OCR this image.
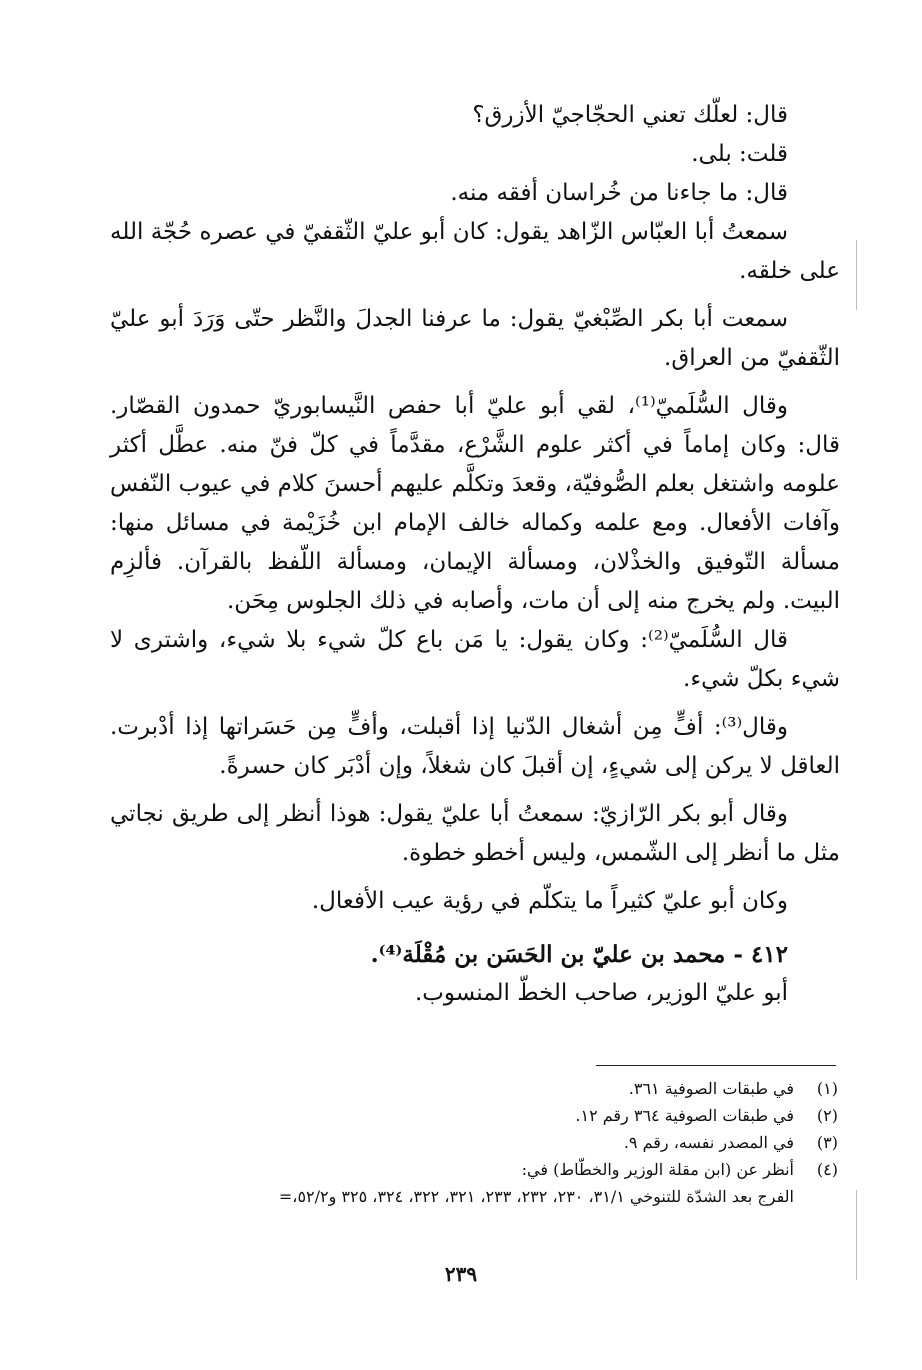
قال: لعلّك تعني الحجّاجيّ الأزرق؟

قلت: بلى.

قال: ما جاءنا من خُراسان أفقه منه.

سمعتُ أبا العبّاس الزّاهد يقول: كان أبو عليّ الثّقفيّ في عصره حُجّة الله على خلقه.

سمعت أبا بكر الصِّبْغيّ يقول: ما عرفنا الجدلَ والنَّظر حتّى وَرَدَ أبو عليّ الثّقفيّ من العراق.

وقال السُّلَميّ⁽¹⁾، لقي أبو عليّ أبا حفص النَّيسابوريّ حمدون القصّار. قال: وكان إماماً في أكثر علوم الشَّرْع، مقدَّماً في كلّ فنّ منه. عطَّل أكثر علومه واشتغل بعلم الصُّوفيّة، وقعدَ وتكلَّم عليهم أحسنَ كلام في عيوب النّفس وآفات الأفعال. ومع علمه وكماله خالف الإمام ابن خُزَيْمة في مسائل منها: مسألة التّوفيق والخذْلان، ومسألة الإيمان، ومسألة اللّفظ بالقرآن. فألزِم البيت. ولم يخرج منه إلى أن مات، وأصابه في ذلك الجلوس مِحَن.

قال السُّلَميّ⁽²⁾: وكان يقول: يا مَن باع كلّ شيء بلا شيء، واشترى لا شيء بكلّ شيء.

وقال⁽³⁾: أفٍّ مِن أشغال الدّنيا إذا أقبلت، وأفٍّ مِن حَسَراتها إذا أدْبرت. العاقل لا يركن إلى شيءٍ، إن أقبلَ كان شغلاً، وإن أدْبَر كان حسرةً.

وقال أبو بكر الرّازيّ: سمعتُ أبا عليّ يقول: هوذا أنظر إلى طريق نجاتي مثل ما أنظر إلى الشّمس، وليس أخطو خطوة.

وكان أبو عليّ كثيراً ما يتكلّم في رؤية عيب الأفعال.

٤١٢ - محمد بن عليّ بن الحَسَن بن مُقْلَة⁽⁴⁾.

أبو عليّ الوزير، صاحب الخطّ المنسوب.

(١)
في طبقات الصوفية ٣٦١.
(٢)
في طبقات الصوفية ٣٦٤ رقم ١٢.
(٣)
في المصدر نفسه، رقم ٩.
(٤)
أنظر عن (ابن مقلة الوزير والخطّاط) في:
الفرج بعد الشدّة للتنوخي ٣١/١، ٢٣٠، ٢٣٢، ٢٣٣، ٣٢١، ٣٢٢، ٣٢٤، ٣٢٥ و٥٢/٢،=
٢٣٩
